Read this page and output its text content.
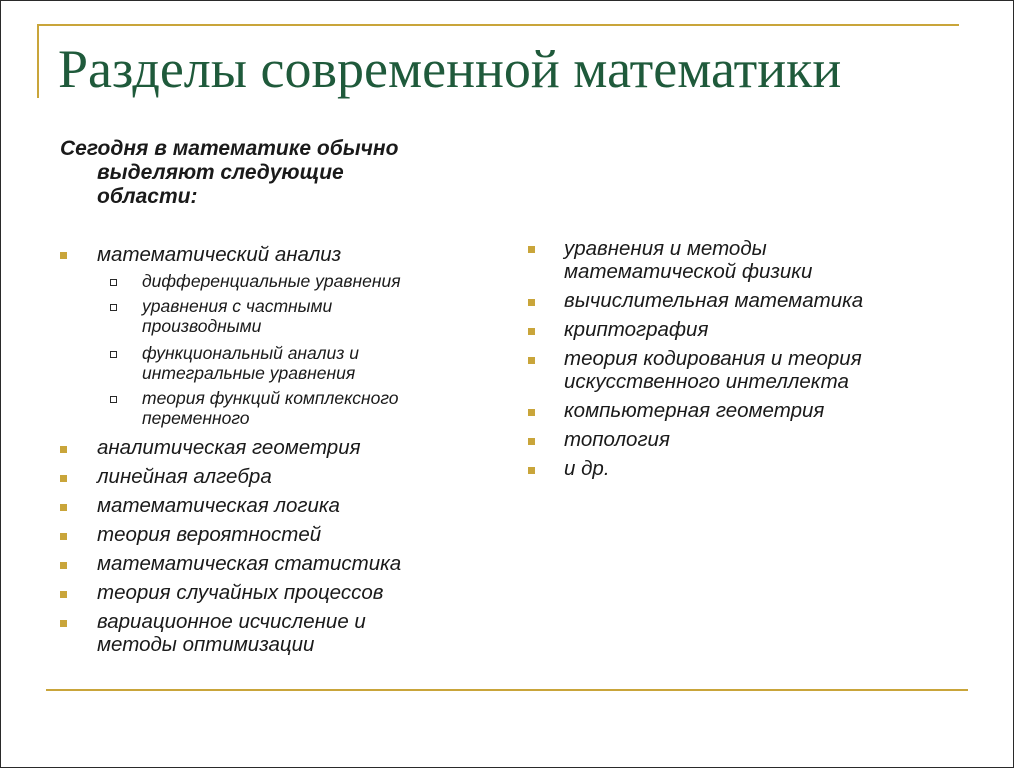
Разделы современной математики

Сегодня в математике обычно
выделяют следующие
области:

математический анализ
дифференциальные уравнения
уравнения с частными
производными
функциональный анализ и
интегральные уравнения
теория функций комплексного
переменного
аналитическая геометрия
линейная алгебра
математическая логика
теория вероятностей
математическая статистика
теория случайных процессов
вариационное исчисление и
методы оптимизации
уравнения и методы
математической физики
вычислительная математика
криптография
теория кодирования и теория
искусственного интеллекта
компьютерная геометрия
топология
и др.
